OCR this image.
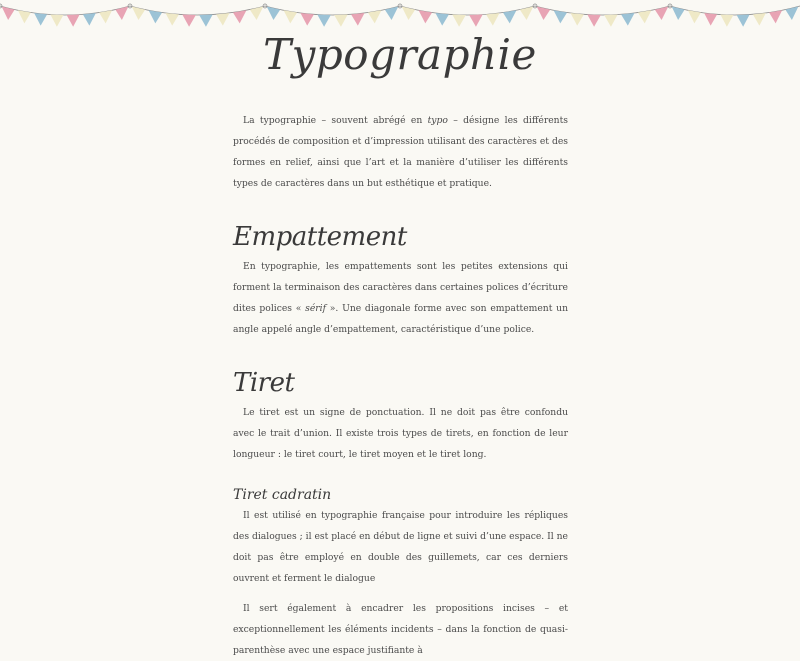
Typographie

La typographie – souvent abrégé en typo – désigne les différents procédés de composition et d’impression utilisant des caractères et des formes en relief, ainsi que l’art et la manière d’utiliser les différents types de caractères dans un but esthétique et pratique.

Empattement

En typographie, les empattements sont les petites extensions qui forment la terminaison des caractères dans certaines polices d’écriture dites polices « sérif ». Une diagonale forme avec son empattement un angle appelé angle d’empattement, caractéristique d’une police.

Tiret

Le tiret est un signe de ponctuation. Il ne doit pas être confondu avec le trait d’union. Il existe trois types de tirets, en fonction de leur longueur : le tiret court, le tiret moyen et le tiret long.

Tiret cadratin

Il est utilisé en typographie française pour introduire les répliques des dialogues ; il est placé en début de ligne et suivi d’une espace. Il ne doit pas être employé en double des guillemets, car ces derniers ouvrent et ferment le dialogue

Il sert également à encadrer les propositions incises – et exceptionnellement les éléments incidents – dans la fonction de quasi-parenthèse avec une espace justifiante à
